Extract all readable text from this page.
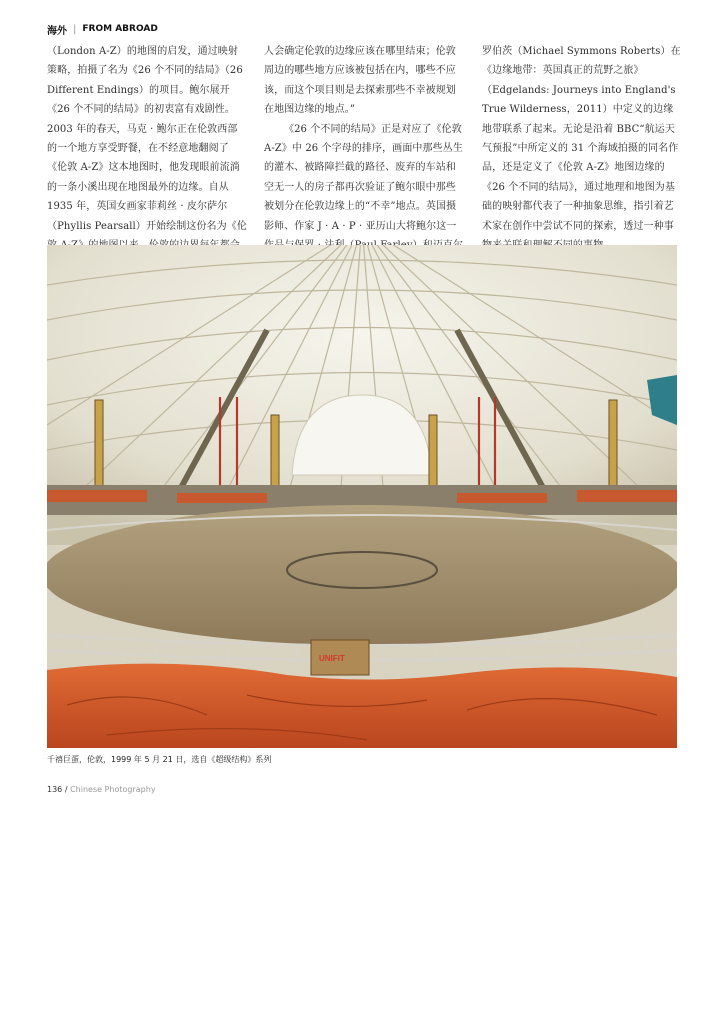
海外 | FROM ABROAD

（London A-Z）的地图的启发，通过映射策略，拍摄了名为《26 个不同的结局》（26 Different Endings）的项目。鲍尔展开《26 个不同的结局》的初衷富有戏剧性。2003 年的春天，马克 · 鲍尔正在伦敦西部的一个地方享受野餐，在不经意地翻阅了《伦敦 A-Z》这本地图时，他发现眼前流淌的一条小溪出现在地图最外的边缘。自从 1935 年，英国女画家菲莉丝 · 皮尔萨尔（Phyllis Pearsall）开始绘制这份名为《伦

人会确定伦敦的边缘应该在哪里结束；伦敦周边的哪些地方应该被包括在内，哪些不应该，而这个项目则是去探索那些不幸被规划在地图边缘的地点。”

《26 个不同的结局》正是对应了《伦敦 A-Z》中 26 个字母的排序，画面中那些丛生的灌木、被路障拦截的路径、废弃的车站和空无一人的房子都再次验证了鲍尔眼中那些被划分在伦敦边缘上的“不幸”地点。英国摄影师、作家 J · A · P · 亚历山大将鲍尔这一

罗伯茨（Michael Symmons Roberts）在《边缘地带：英国真正的荒野之旅》（Edgelands: Journeys into England's True Wilderness，2011）中定义的边缘地带联系了起来。无论是沿着 BBC“航运天气预报”中所定义的 31 个海域拍摄的同名作品，还是定义了《伦敦 A-Z》地图边缘的《26 个不同的结局》，通过地理和地图为基础的映射都代表了一种抽象思维，指引着艺术家在创作中尝试不同的探索，透过一种事

UNIFIT
千禧巨蛋，伦敦，1999 年 5 月 21 日，选自《超级结构》系列
136 / Chinese Photography
